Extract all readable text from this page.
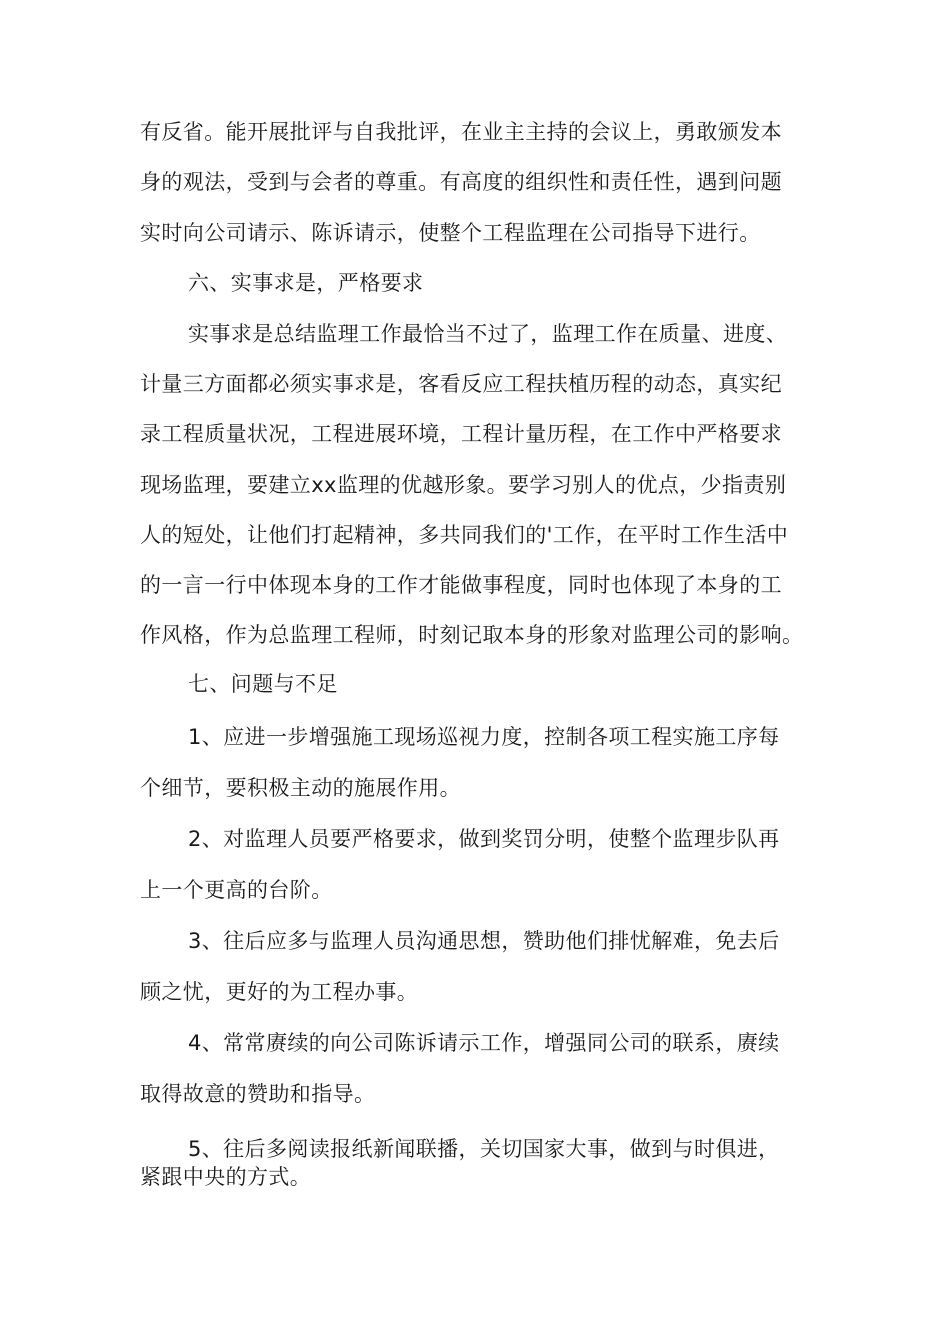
有反省。能开展批评与自我批评，在业主主持的会议上，勇敢颁发本
身的观法，受到与会者的尊重。有高度的组织性和责任性，遇到问题
实时向公司请示、陈诉请示，使整个工程监理在公司指导下进行。
六、实事求是，严格要求
实事求是总结监理工作最恰当不过了，监理工作在质量、进度、
计量三方面都必须实事求是，客看反应工程扶植历程的动态，真实纪
录工程质量状况，工程进展环境，工程计量历程，在工作中严格要求
现场监理，要建立xx监理的优越形象。要学习别人的优点，少指责别
人的短处，让他们打起精神，多共同我们的'工作，在平时工作生活中
的一言一行中体现本身的工作才能做事程度，同时也体现了本身的工
作风格，作为总监理工程师，时刻记取本身的形象对监理公司的影响。
七、问题与不足
1、应进一步增强施工现场巡视力度，控制各项工程实施工序每
个细节，要积极主动的施展作用。
2、对监理人员要严格要求，做到奖罚分明，使整个监理步队再
上一个更高的台阶。
3、往后应多与监理人员沟通思想，赞助他们排忧解难，免去后
顾之忧，更好的为工程办事。
4、常常赓续的向公司陈诉请示工作，增强同公司的联系，赓续
取得故意的赞助和指导。
5、往后多阅读报纸新闻联播，关切国家大事，做到与时俱进，
紧跟中央的方式。
